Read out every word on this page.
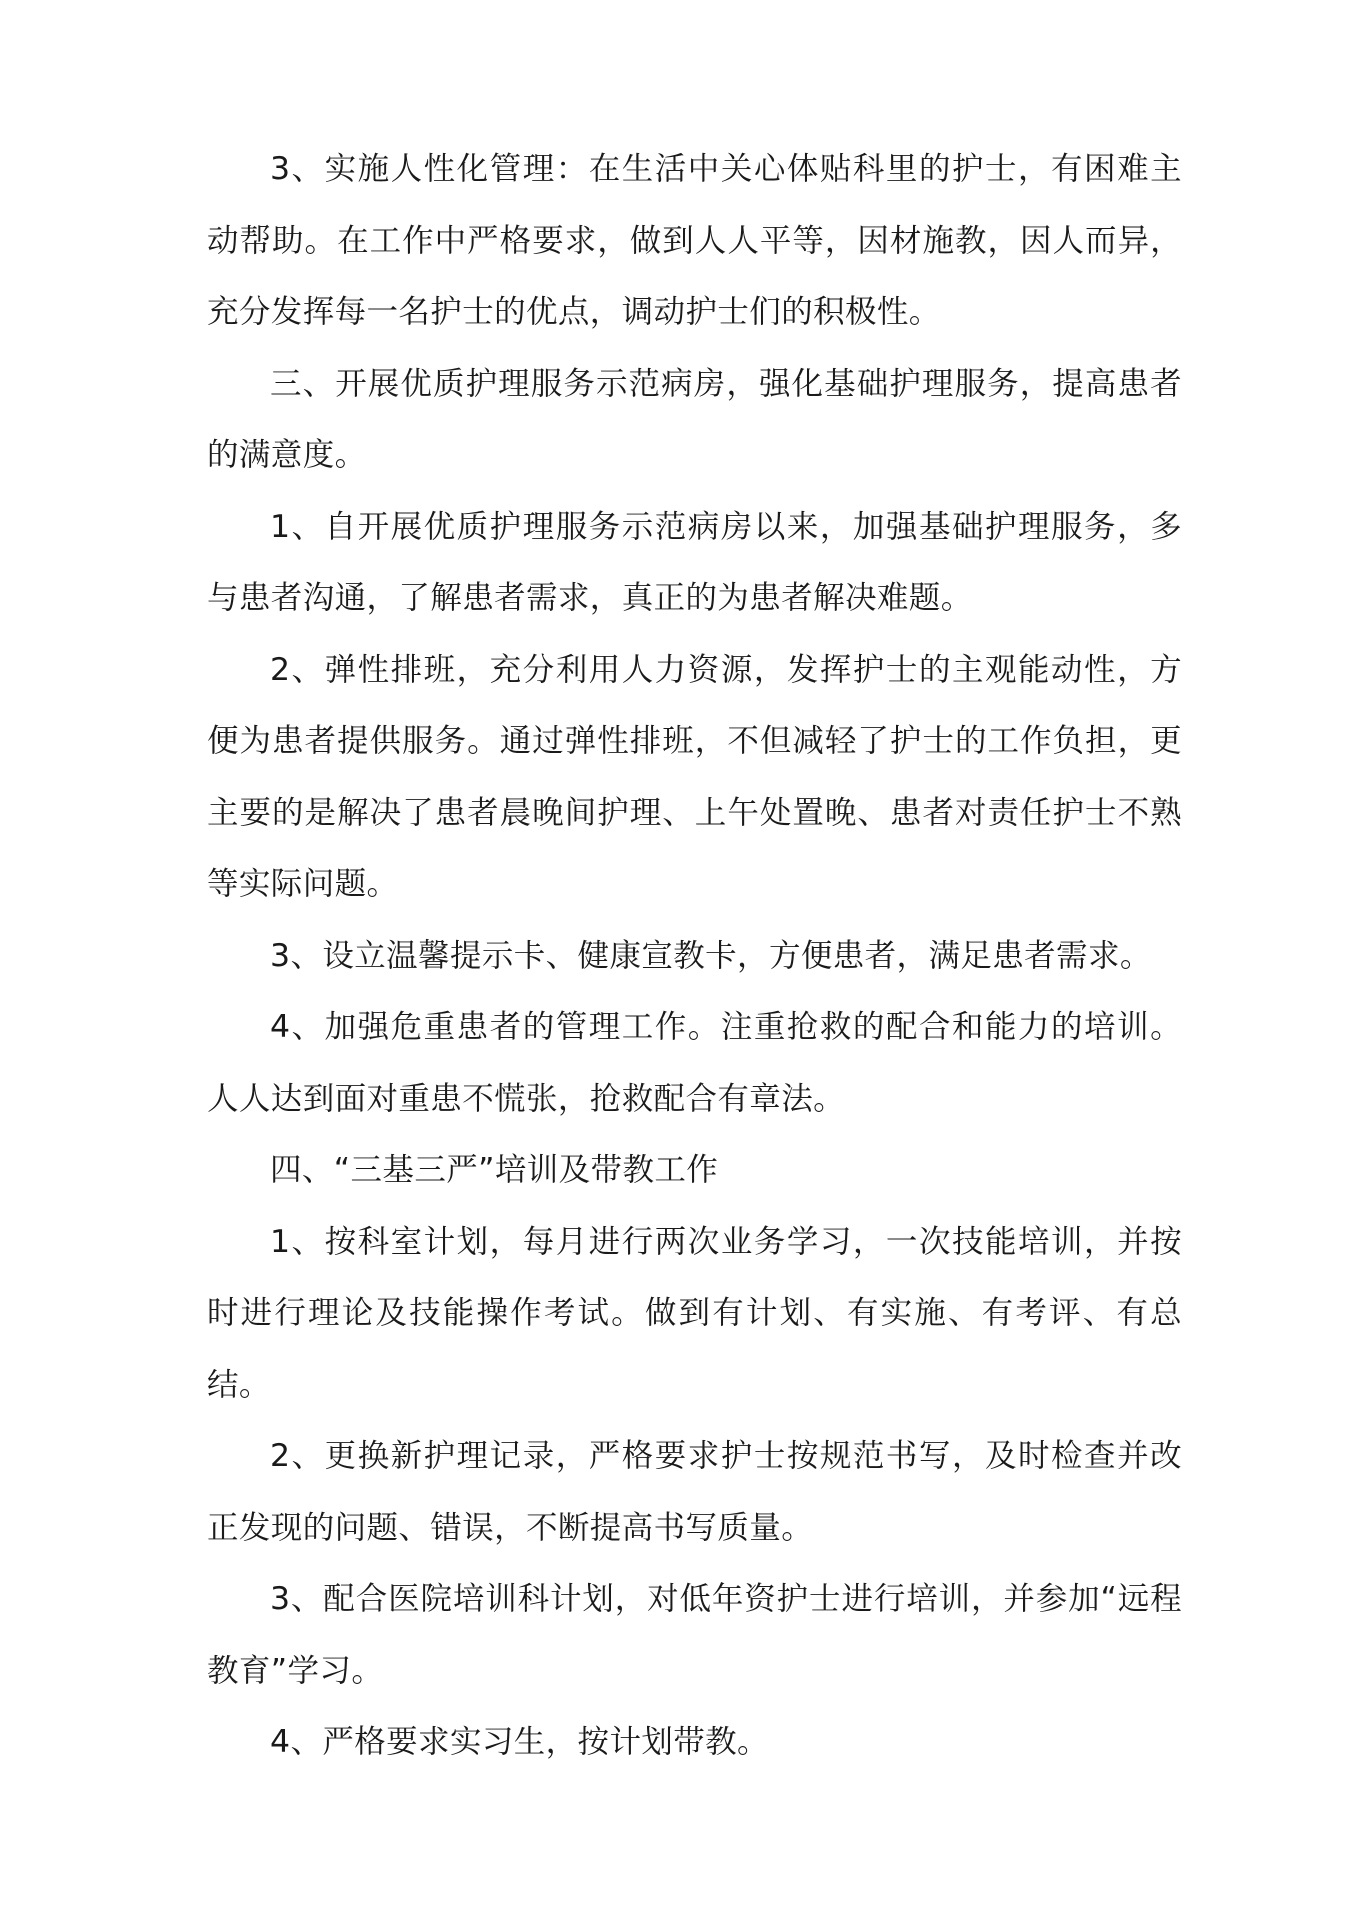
3、实施人性化管理：在生活中关心体贴科里的护士，有困难主动帮助。在工作中严格要求，做到人人平等，因材施教，因人而异，充分发挥每一名护士的优点，调动护士们的积极性。

三、开展优质护理服务示范病房，强化基础护理服务，提高患者的满意度。

1、自开展优质护理服务示范病房以来，加强基础护理服务，多与患者沟通，了解患者需求，真正的为患者解决难题。

2、弹性排班，充分利用人力资源，发挥护士的主观能动性，方便为患者提供服务。通过弹性排班，不但减轻了护士的工作负担，更主要的是解决了患者晨晚间护理、上午处置晚、患者对责任护士不熟等实际问题。

3、设立温馨提示卡、健康宣教卡，方便患者，满足患者需求。

4、加强危重患者的管理工作。注重抢救的配合和能力的培训。人人达到面对重患不慌张，抢救配合有章法。

四、“三基三严”培训及带教工作

1、按科室计划，每月进行两次业务学习，一次技能培训，并按时进行理论及技能操作考试。做到有计划、有实施、有考评、有总结。

2、更换新护理记录，严格要求护士按规范书写，及时检查并改正发现的问题、错误，不断提高书写质量。

3、配合医院培训科计划，对低年资护士进行培训，并参加“远程教育”学习。

4、严格要求实习生，按计划带教。
